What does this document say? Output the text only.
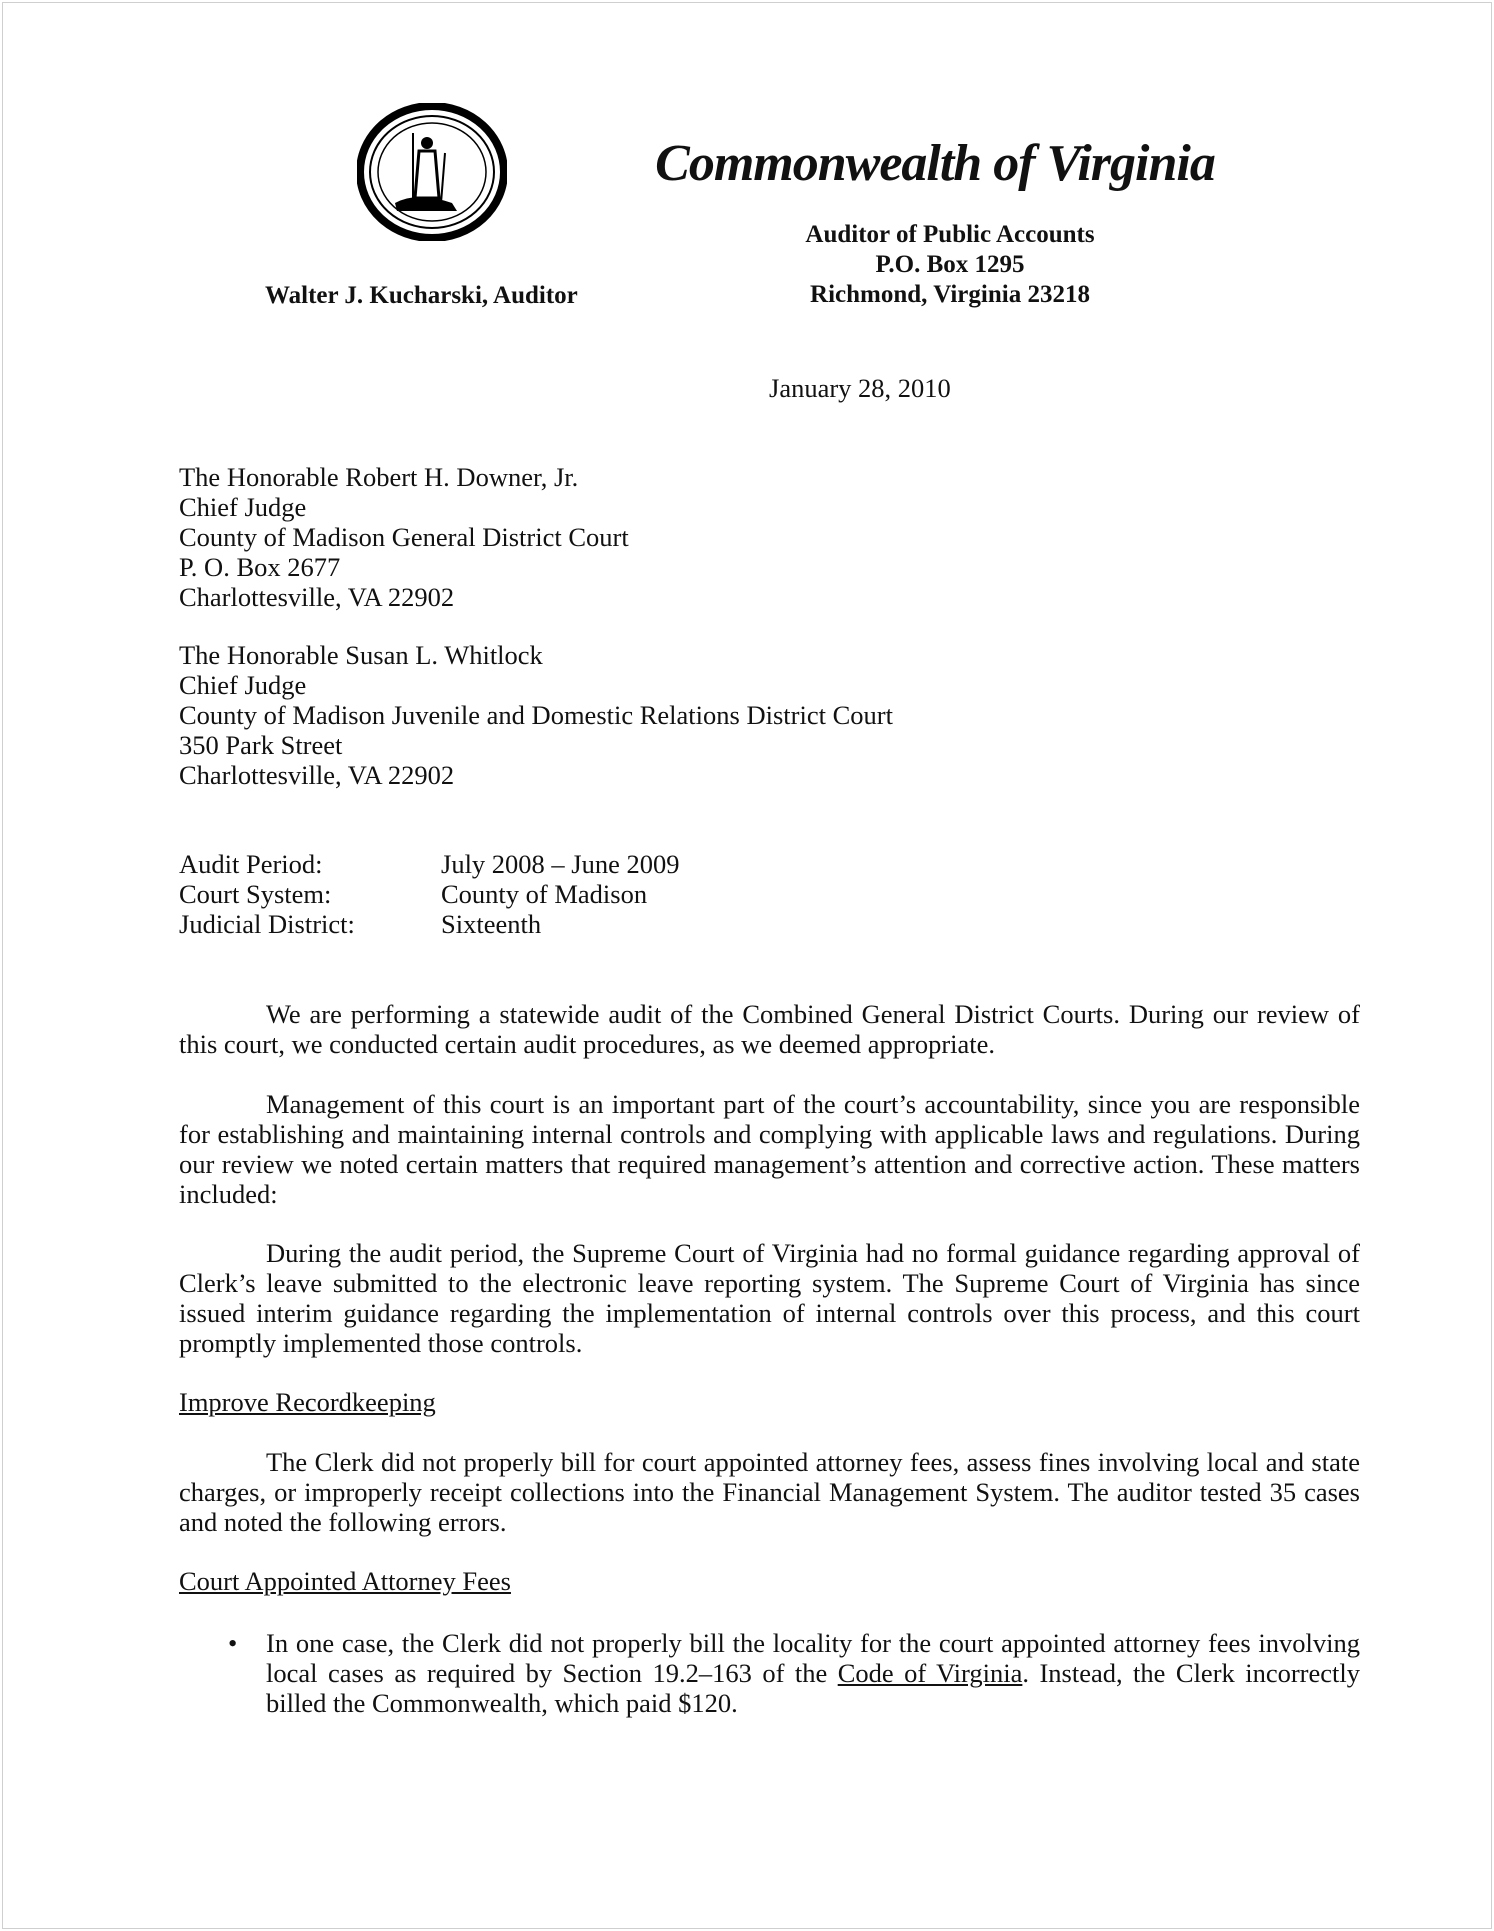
Commonwealth of Virginia
Auditor of Public Accounts
P.O. Box 1295
Richmond, Virginia 23218
Walter J. Kucharski, Auditor
January 28, 2010
The Honorable Robert H. Downer, Jr.
Chief Judge
County of Madison General District Court
P. O. Box 2677
Charlottesville, VA 22902
The Honorable Susan L. Whitlock
Chief Judge
County of Madison Juvenile and Domestic Relations District Court
350 Park Street
Charlottesville, VA 22902
Audit Period:	July 2008 – June 2009
Court System:	County of Madison
Judicial District:	Sixteenth
We are performing a statewide audit of the Combined General District Courts. During our review of this court, we conducted certain audit procedures, as we deemed appropriate.
Management of this court is an important part of the court’s accountability, since you are responsible for establishing and maintaining internal controls and complying with applicable laws and regulations. During our review we noted certain matters that required management’s attention and corrective action. These matters included:
During the audit period, the Supreme Court of Virginia had no formal guidance regarding approval of Clerk’s leave submitted to the electronic leave reporting system. The Supreme Court of Virginia has since issued interim guidance regarding the implementation of internal controls over this process, and this court promptly implemented those controls.
Improve Recordkeeping
The Clerk did not properly bill for court appointed attorney fees, assess fines involving local and state charges, or improperly receipt collections into the Financial Management System. The auditor tested 35 cases and noted the following errors.
Court Appointed Attorney Fees
• In one case, the Clerk did not properly bill the locality for the court appointed attorney fees involving local cases as required by Section 19.2–163 of the Code of Virginia. Instead, the Clerk incorrectly billed the Commonwealth, which paid $120.
